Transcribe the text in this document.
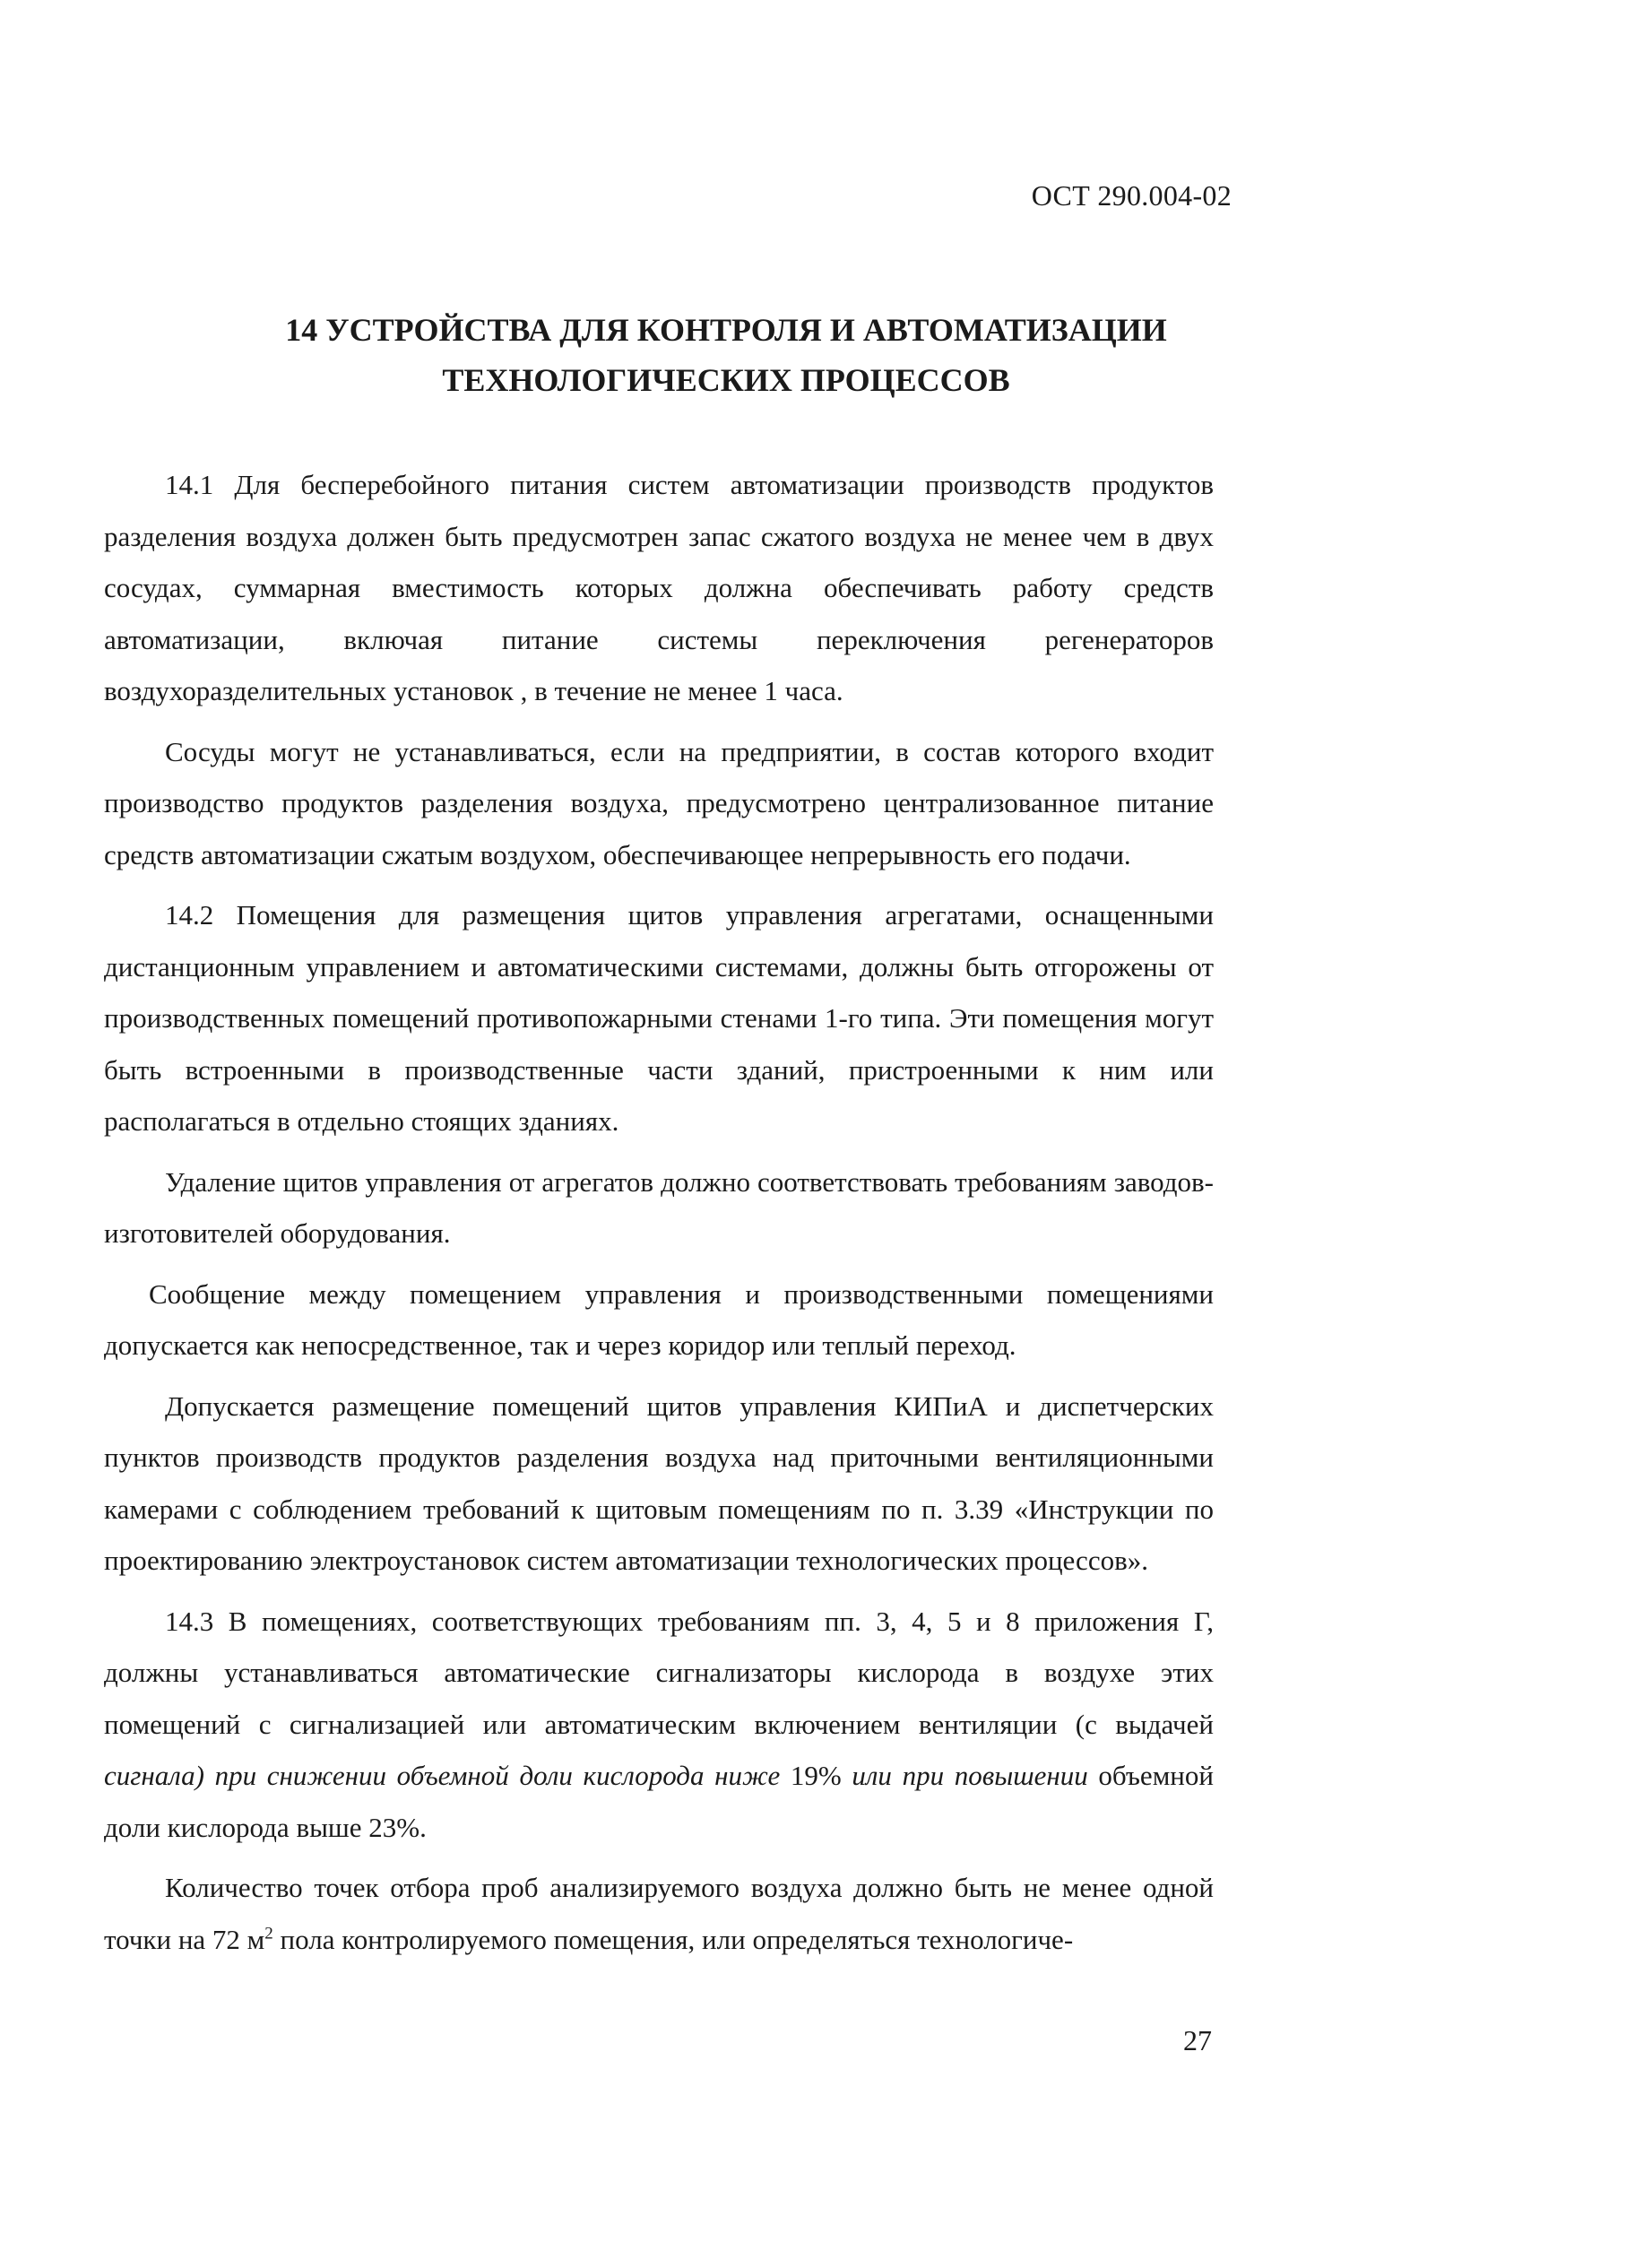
ОСТ 290.004-02
14 УСТРОЙСТВА ДЛЯ КОНТРОЛЯ И АВТОМАТИЗАЦИИ
ТЕХНОЛОГИЧЕСКИХ ПРОЦЕССОВ

14.1 Для бесперебойного питания систем автоматизации производств продуктов разделения воздуха должен быть предусмотрен запас сжатого воздуха не менее чем в двух сосудах, суммарная вместимость которых должна обеспечивать работу средств автоматизации, включая питание системы переключения регенераторов воздухоразделительных установок , в течение не менее 1 часа.

Сосуды могут не устанавливаться, если на предприятии, в состав которого входит производство продуктов разделения воздуха, предусмотрено централизованное питание средств автоматизации сжатым воздухом, обеспечивающее непрерывность его подачи.

14.2 Помещения для размещения щитов управления агрегатами, оснащенными дистанционным управлением и автоматическими системами, должны быть отгорожены от производственных помещений противопожарными стенами 1-го типа. Эти помещения могут быть встроенными в производственные части зданий, пристроенными к ним или располагаться в отдельно стоящих зданиях.

Удаление щитов управления от агрегатов должно соответствовать требованиям заводов-изготовителей оборудования.

Сообщение между помещением управления и производственными помещениями допускается как непосредственное, так и через коридор или теплый переход.

Допускается размещение помещений щитов управления КИПиА и диспетчерских пунктов производств продуктов разделения воздуха над приточными вентиляционными камерами с соблюдением требований к щитовым помещениям по п. 3.39 «Инструкции по проектированию электроустановок систем автоматизации технологических процессов».

14.3 В помещениях, соответствующих требованиям пп. 3, 4, 5 и 8 приложения Г, должны устанавливаться автоматические сигнализаторы кислорода в воздухе этих помещений с сигнализацией или автоматическим включением вентиляции (с выдачей сигнала) при снижении объемной доли кислорода ниже 19% или при повышении объемной доли кислорода выше 23%.

Количество точек отбора проб анализируемого воздуха должно быть не менее одной точки на 72 $м^2$ пола контролируемого помещения, или определяться технологиче-

27
